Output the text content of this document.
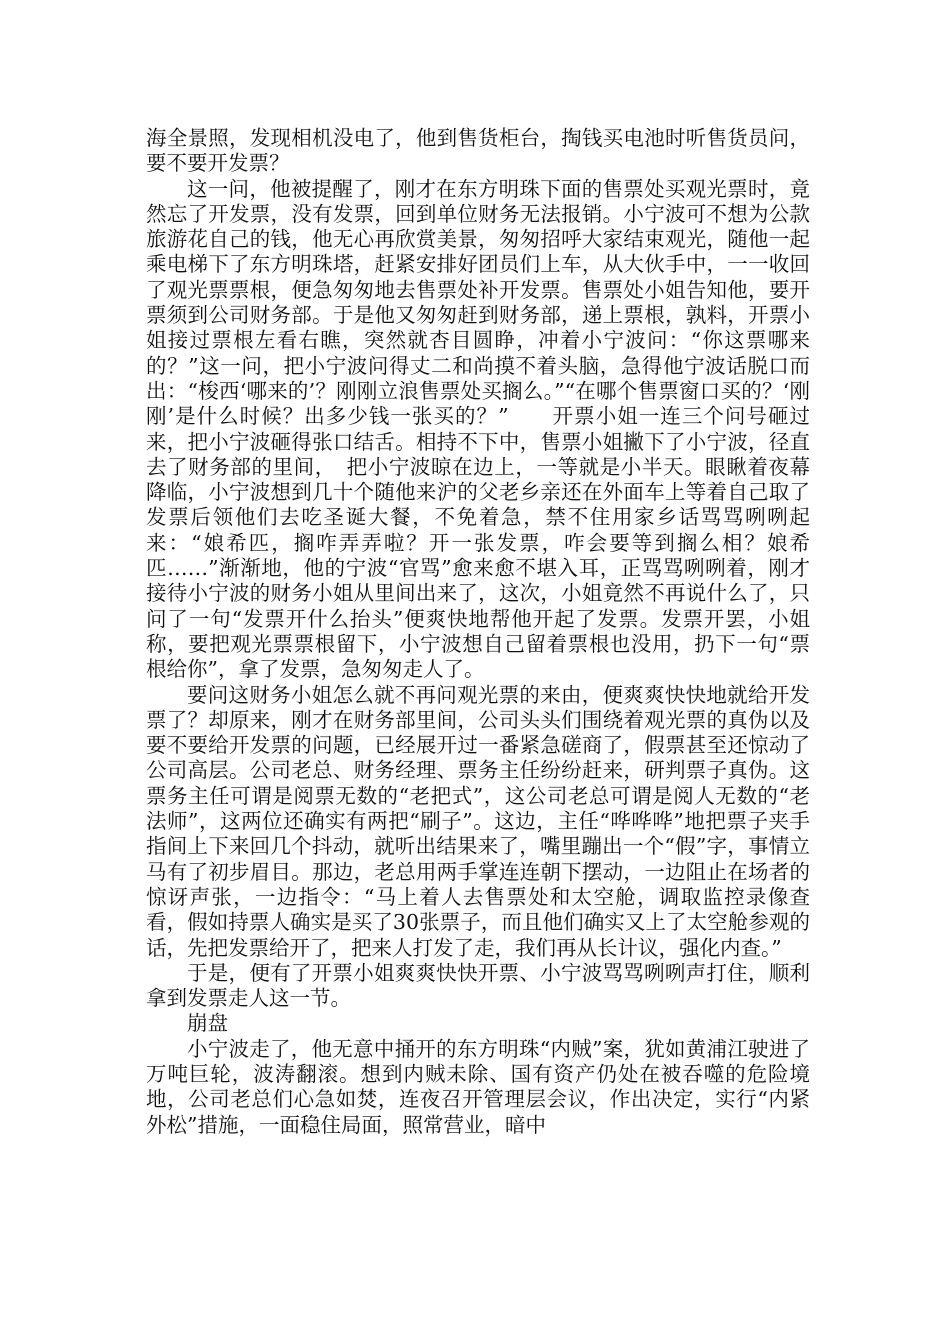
海全景照，发现相机没电了，他到售货柜台，掏钱买电池时听售货员问，要不要开发票？

这一问，他被提醒了，刚才在东方明珠下面的售票处买观光票时，竟然忘了开发票，没有发票，回到单位财务无法报销。小宁波可不想为公款旅游花自己的钱，他无心再欣赏美景，匆匆招呼大家结束观光，随他一起乘电梯下了东方明珠塔，赶紧安排好团员们上车，从大伙手中，一一收回了观光票票根，便急匆匆地去售票处补开发票。售票处小姐告知他，要开票须到公司财务部。于是他又匆匆赶到财务部，递上票根，孰料，开票小姐接过票根左看右瞧，突然就杏目圆睁，冲着小宁波问：“你这票哪来的？”这一问，把小宁波问得丈二和尚摸不着头脑，急得他宁波话脱口而出：“梭西‘哪来的’？刚刚立浪售票处买搁么。”“在哪个售票窗口买的？‘刚刚’是什么时候？出多少钱一张买的？”　　开票小姐一连三个问号砸过来，把小宁波砸得张口结舌。相持不下中，售票小姐撇下了小宁波，径直去了财务部的里间，　把小宁波晾在边上，一等就是小半天。眼瞅着夜幕降临，小宁波想到几十个随他来沪的父老乡亲还在外面车上等着自己取了发票后领他们去吃圣诞大餐，不免着急，禁不住用家乡话骂骂咧咧起来：“娘希匹，搁咋弄弄啦？开一张发票，咋会要等到搁么相？娘希匹……”渐渐地，他的宁波“官骂”愈来愈不堪入耳，正骂骂咧咧着，刚才接待小宁波的财务小姐从里间出来了，这次，小姐竟然不再说什么了，只问了一句“发票开什么抬头”便爽快地帮他开起了发票。发票开罢，小姐称，要把观光票票根留下，小宁波想自己留着票根也没用，扔下一句“票根给你”，拿了发票，急匆匆走人了。

要问这财务小姐怎么就不再问观光票的来由，便爽爽快快地就给开发票了？却原来，刚才在财务部里间，公司头头们围绕着观光票的真伪以及要不要给开发票的问题，已经展开过一番紧急磋商了，假票甚至还惊动了公司高层。公司老总、财务经理、票务主任纷纷赶来，研判票子真伪。这票务主任可谓是阅票无数的“老把式”，这公司老总可谓是阅人无数的“老法师”，这两位还确实有两把“刷子”。这边，主任“哗哗哗”地把票子夹手指间上下来回几个抖动，就听出结果来了，嘴里蹦出一个“假”字，事情立马有了初步眉目。那边，老总用两手掌连连朝下摆动，一边阻止在场者的惊讶声张，一边指令：“马上着人去售票处和太空舱，调取监控录像查看，假如持票人确实是买了30张票子，而且他们确实又上了太空舱参观的话，先把发票给开了，把来人打发了走，我们再从长计议，强化内查。”

于是，便有了开票小姐爽爽快快开票、小宁波骂骂咧咧声打住，顺利拿到发票走人这一节。

崩盘

小宁波走了，他无意中捅开的东方明珠“内贼”案，犹如黄浦江驶进了万吨巨轮，波涛翻滚。想到内贼未除、国有资产仍处在被吞噬的危险境地，公司老总们心急如焚，连夜召开管理层会议，作出决定，实行“内紧外松”措施，一面稳住局面，照常营业，暗中
